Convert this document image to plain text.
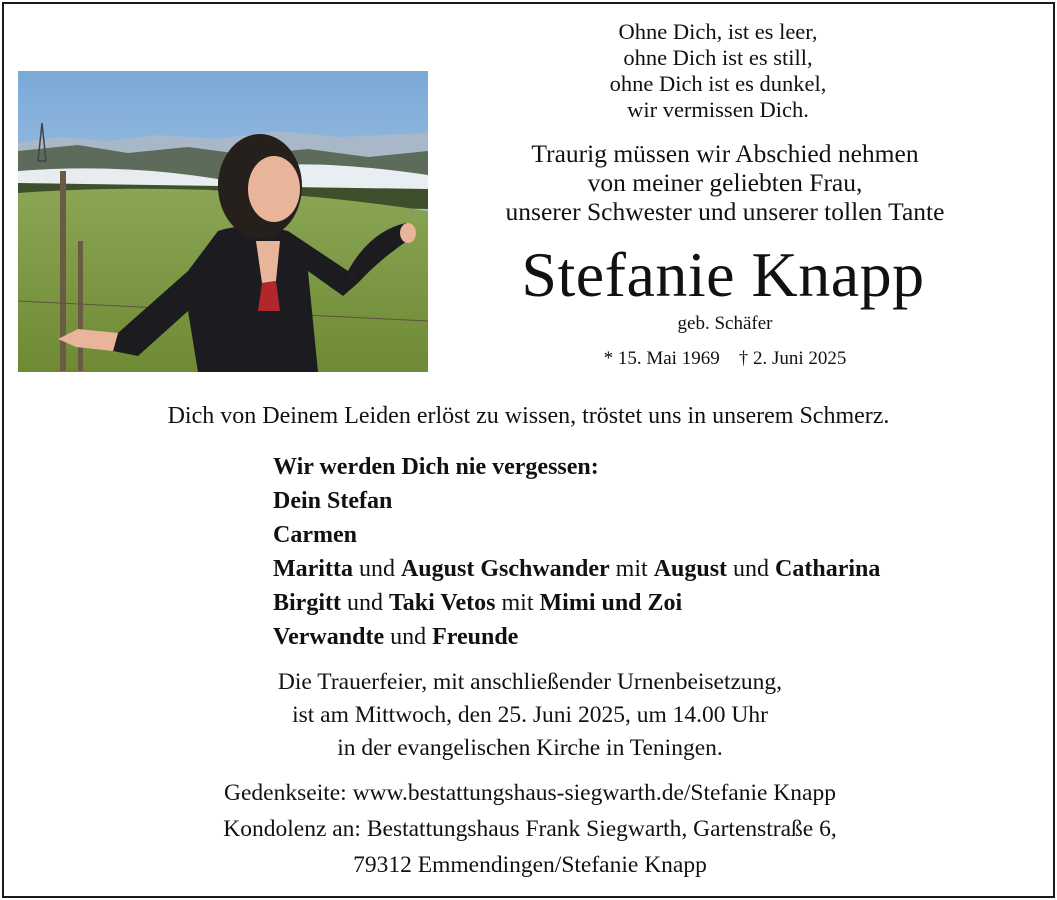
Ohne Dich, ist es leer,
ohne Dich ist es still,
ohne Dich ist es dunkel,
wir vermissen Dich.
Traurig müssen wir Abschied nehmen
von meiner geliebten Frau,
unserer Schwester und unserer tollen Tante
Stefanie Knapp
geb. Schäfer
* 15. Mai 1969 † 2. Juni 2025
Dich von Deinem Leiden erlöst zu wissen, tröstet uns in unserem Schmerz.
Wir werden Dich nie vergessen:
Dein Stefan
Carmen
Maritta und August Gschwander mit August und Catharina
Birgitt und Taki Vetos mit Mimi und Zoi
Verwandte und Freunde
Die Trauerfeier, mit anschließender Urnenbeisetzung,
ist am Mittwoch, den 25. Juni 2025, um 14.00 Uhr
in der evangelischen Kirche in Teningen.
Gedenkseite: www.bestattungshaus-siegwarth.de/Stefanie Knapp
Kondolenz an: Bestattungshaus Frank Siegwarth, Gartenstraße 6,
79312 Emmendingen/Stefanie Knapp
